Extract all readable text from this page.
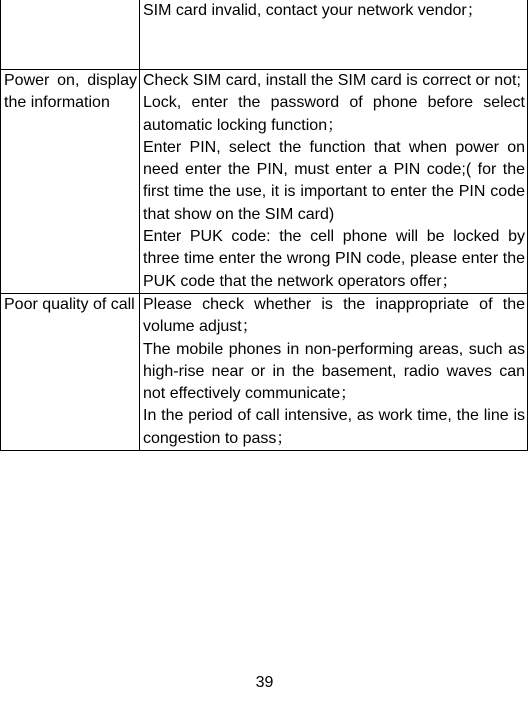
	SIM card invalid, contact your network vendor；

Power on, display the information	Check SIM card, install the SIM card is correct or not;
Lock, enter the password of phone before select automatic locking function；
Enter PIN, select the function that when power on need enter the PIN, must enter a PIN code;( for the first time the use, it is important to enter the PIN code that show on the SIM card)
Enter PUK code: the cell phone will be locked by three time enter the wrong PIN code, please enter the PUK code that the network operators offer；

Poor quality of call	Please check whether is the inappropriate of the volume adjust；
The mobile phones in non-performing areas, such as high-rise near or in the basement, radio waves can not effectively communicate；
In the period of call intensive, as work time, the line is congestion to pass；
39
